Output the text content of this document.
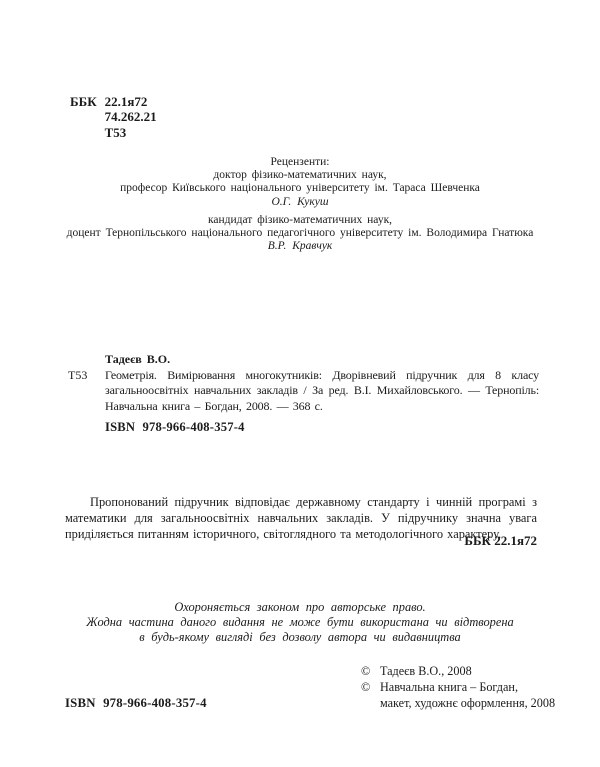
ББК 22.1я72
74.262.21
Т53
Рецензенти:
доктор фізико-математичних наук,
професор Київського національного університету ім. Тараса Шевченка
О.Г. Кукуш
кандидат фізико-математичних наук,
доцент Тернопільського національного педагогічного університету ім. Володимира Гнатюка
В.Р. Кравчук
Тадеєв В.О.
Т53 Геометрія. Вимірювання многокутників: Дворівневий підручник для 8 класу загальноосвітніх навчальних закладів / За ред. В.І. Михайловського. — Тернопіль: Навчальна книга – Богдан, 2008. — 368 с.

ISBN 978-966-408-357-4

Пропонований підручник відповідає державному стандарту і чинній програмі з математики для загальноосвітніх навчальних закладів. У підручнику значна увага приділяється питанням історичного, світоглядного та методологічного характеру.

ББК 22.1я72
Охороняється законом про авторське право.
Жодна частина даного видання не може бути використана чи відтворена
в будь-якому вигляді без дозволу автора чи видавництва
ISBN 978-966-408-357-4
© Тадеєв В.О., 2008
© Навчальна книга – Богдан,
макет, художнє оформлення, 2008
